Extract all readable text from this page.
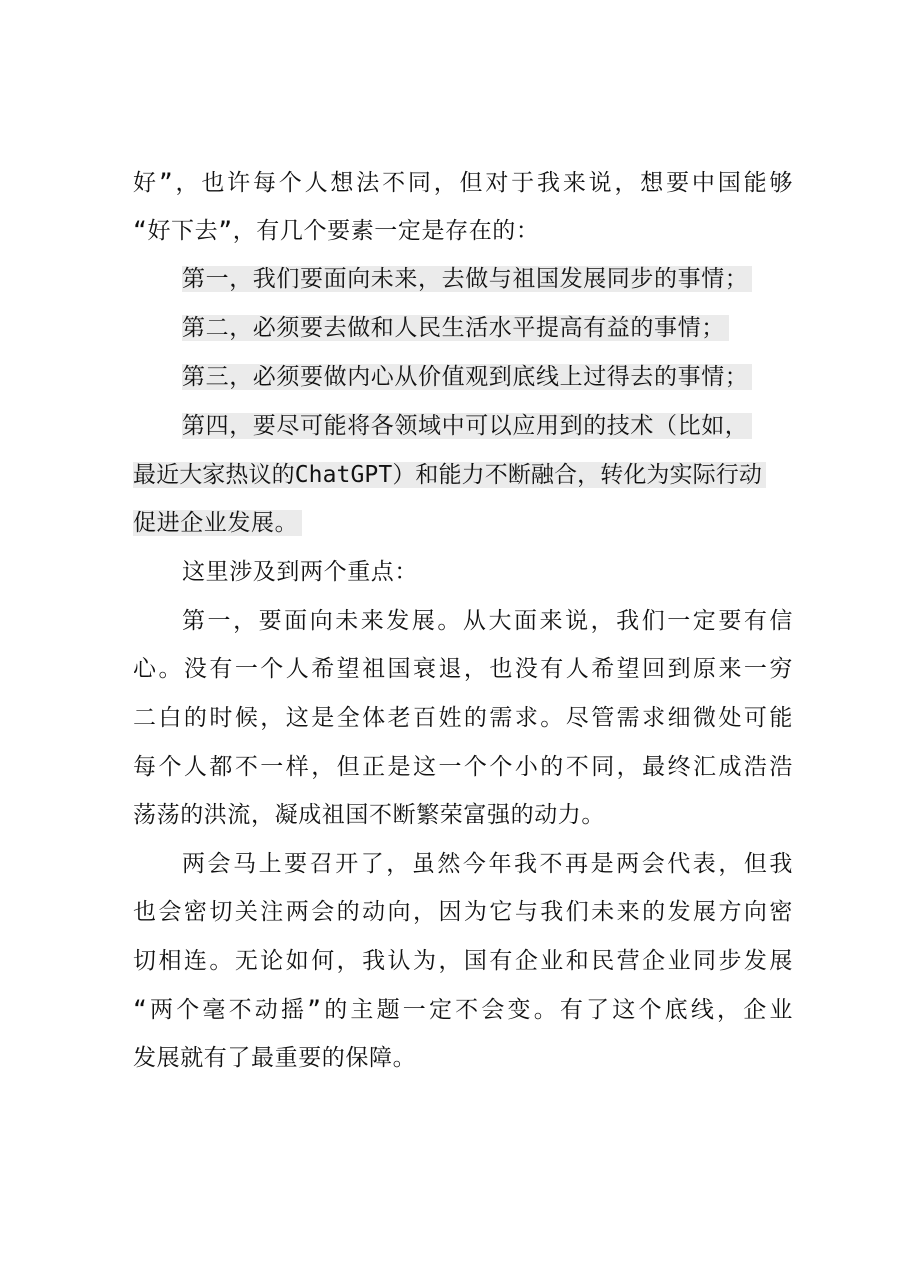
好”，也许每个人想法不同，但对于我来说，想要中国能够
“好下去”，有几个要素一定是存在的：
第一，我们要面向未来，去做与祖国发展同步的事情；
第二，必须要去做和人民生活水平提高有益的事情；
第三，必须要做内心从价值观到底线上过得去的事情；
第四，要尽可能将各领域中可以应用到的技术（比如，
最近大家热议的ChatGPT）和能力不断融合，转化为实际行动
促进企业发展。
这里涉及到两个重点：
第一，要面向未来发展。从大面来说，我们一定要有信
心。没有一个人希望祖国衰退，也没有人希望回到原来一穷
二白的时候，这是全体老百姓的需求。尽管需求细微处可能
每个人都不一样，但正是这一个个小的不同，最终汇成浩浩
荡荡的洪流，凝成祖国不断繁荣富强的动力。
两会马上要召开了，虽然今年我不再是两会代表，但我
也会密切关注两会的动向，因为它与我们未来的发展方向密
切相连。无论如何，我认为，国有企业和民营企业同步发展
“两个毫不动摇”的主题一定不会变。有了这个底线，企业
发展就有了最重要的保障。
